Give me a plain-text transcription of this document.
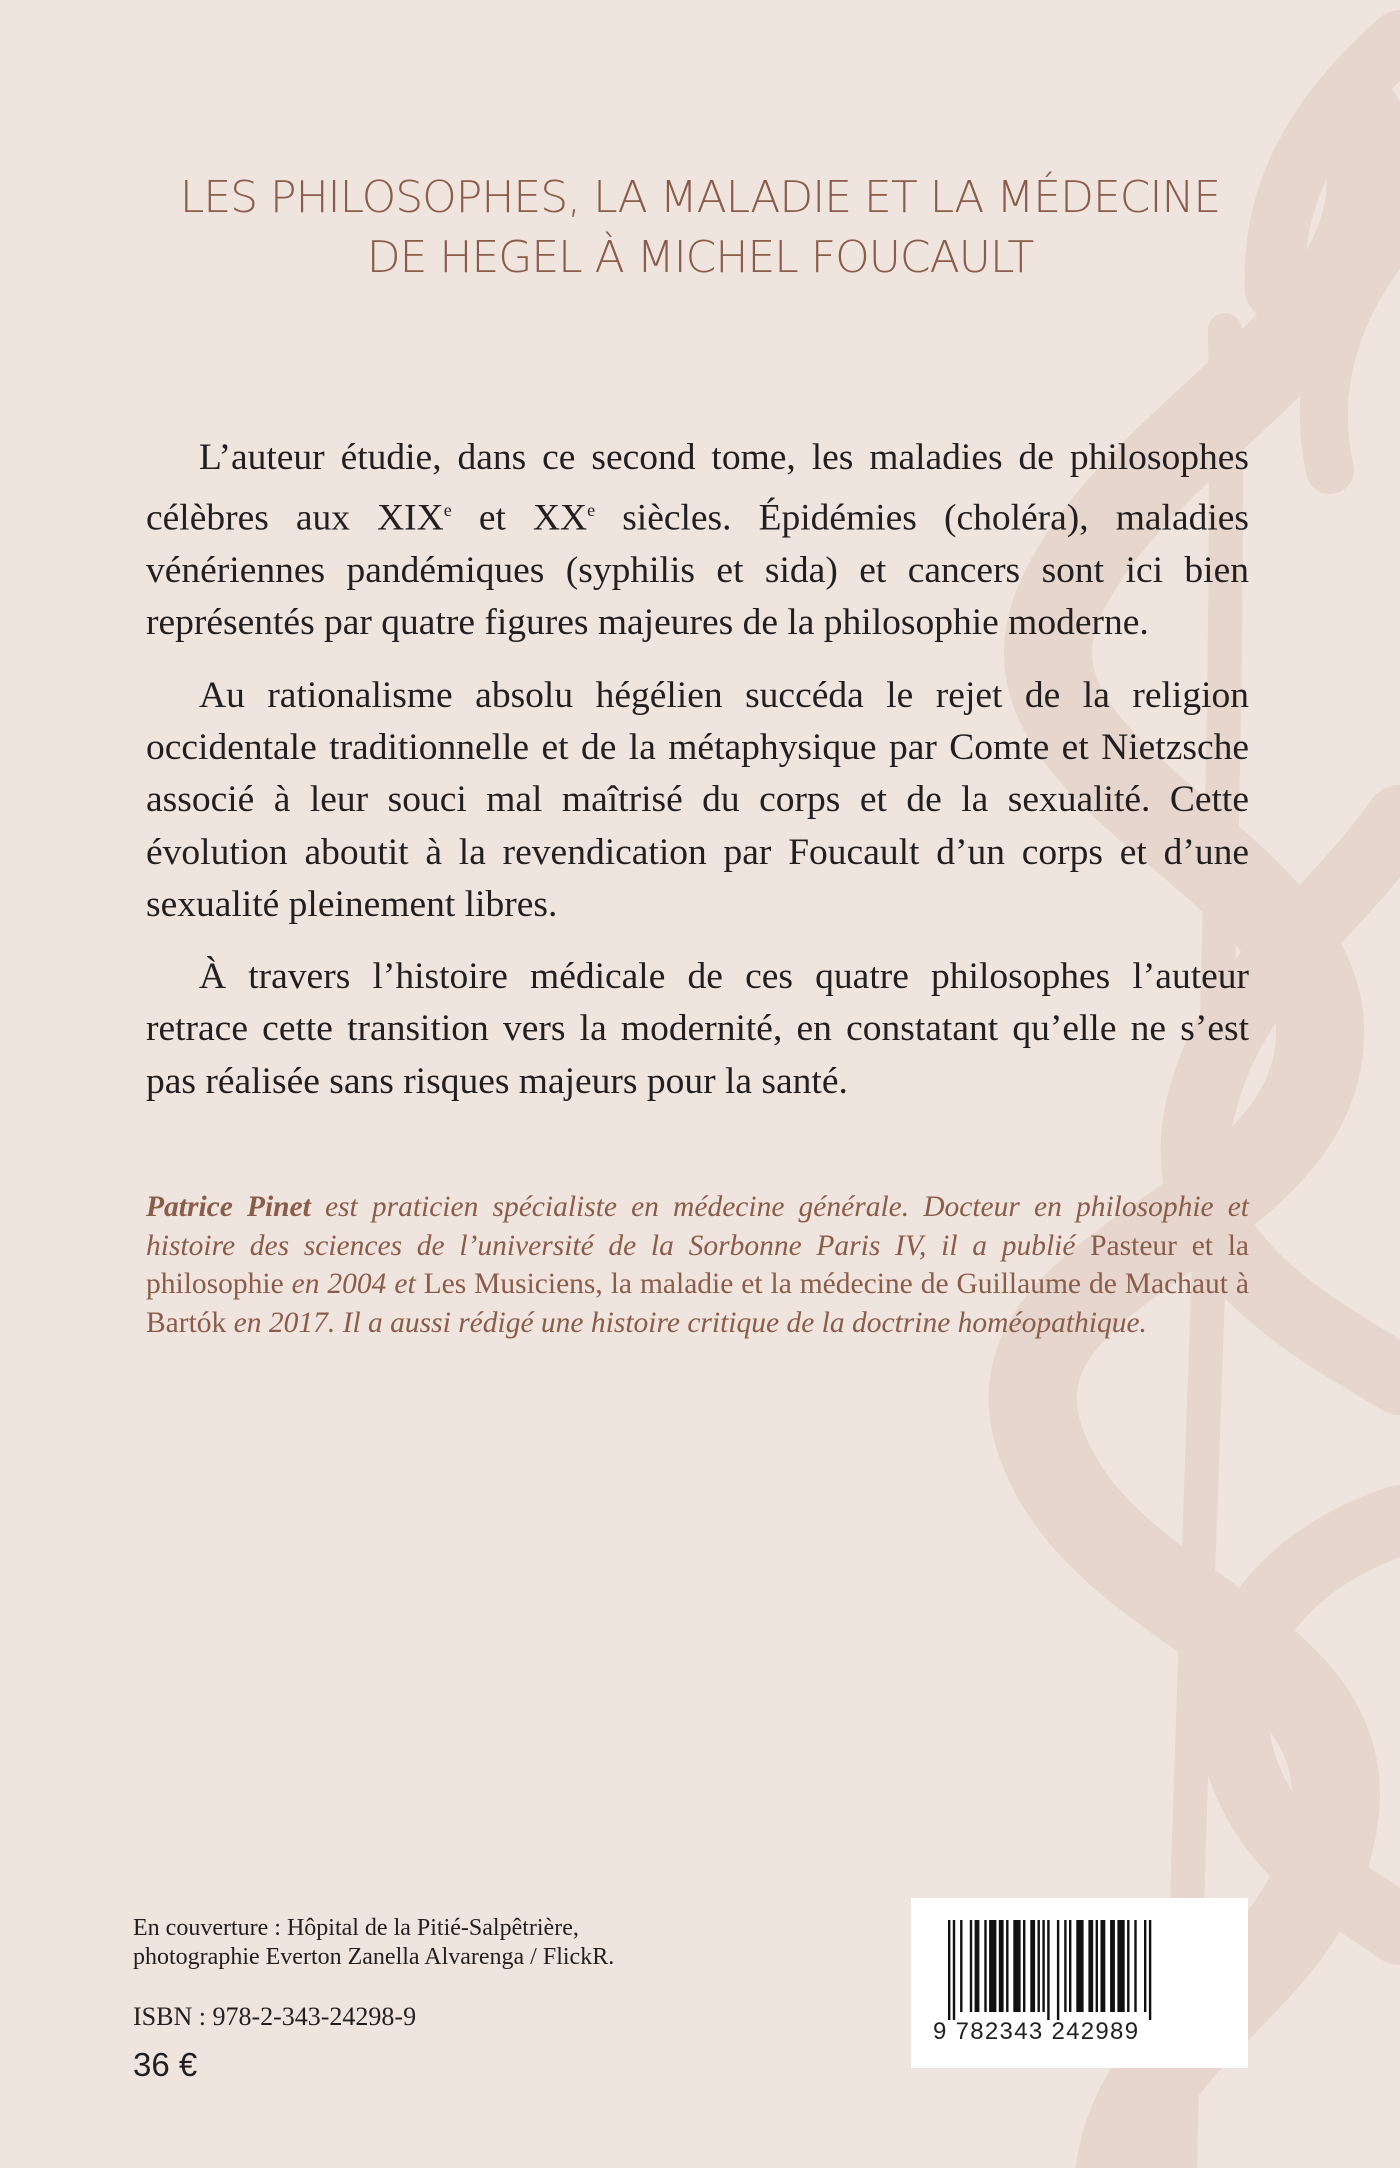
LES PHILOSOPHES, LA MALADIE ET LA MÉDECINE
DE HEGEL À MICHEL FOUCAULT

L’auteur étudie, dans ce second tome, les maladies de philosophes célèbres aux XIXe et XXe siècles. Épidémies (choléra), maladies vénériennes pandémiques (syphilis et sida) et cancers sont ici bien représentés par quatre figures majeures de la philosophie moderne.

Au rationalisme absolu hégélien succéda le rejet de la religion occidentale traditionnelle et de la métaphysique par Comte et Nietzsche associé à leur souci mal maîtrisé du corps et de la sexualité. Cette évolution aboutit à la revendication par Foucault d’un corps et d’une sexualité pleinement libres.

À travers l’histoire médicale de ces quatre philosophes l’auteur retrace cette transition vers la modernité, en constatant qu’elle ne s’est pas réalisée sans risques majeurs pour la santé.

Patrice Pinet est praticien spécialiste en médecine générale. Docteur en philosophie et histoire des sciences de l’université de la Sorbonne Paris IV, il a publié Pasteur et la philosophie en 2004 et Les Musiciens, la maladie et la médecine de Guillaume de Machaut à Bartók en 2017. Il a aussi rédigé une histoire critique de la doctrine homéopathique.
En couverture : Hôpital de la Pitié-Salpêtrière,
photographie Everton Zanella Alvarenga / FlickR.
ISBN : 978-2-343-24298-9
36 €
9 782343 242989
